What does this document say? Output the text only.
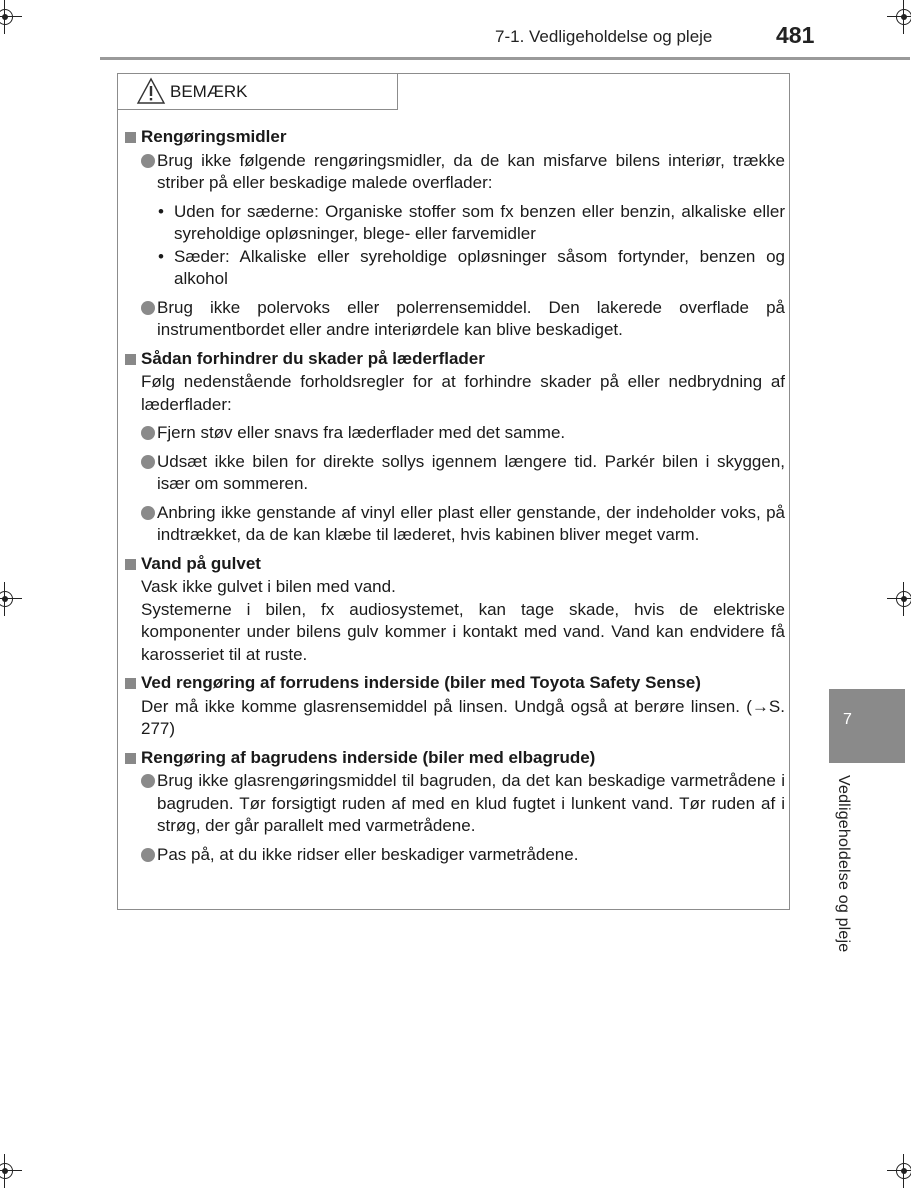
7-1. Vedligeholdelse og pleje	481
BEMÆRK
Rengøringsmidler
Brug ikke følgende rengøringsmidler, da de kan misfarve bilens interiør, trække striber på eller beskadige malede overflader:
• Uden for sæderne: Organiske stoffer som fx benzen eller benzin, alkaliske eller syreholdige opløsninger, blege- eller farvemidler
• Sæder: Alkaliske eller syreholdige opløsninger såsom fortynder, benzen og alkohol
Brug ikke polervoks eller polerrensemiddel. Den lakerede overflade på instrumentbordet eller andre interiørdele kan blive beskadiget.
Sådan forhindrer du skader på læderflader
Følg nedenstående forholdsregler for at forhindre skader på eller nedbrydning af læderflader:
Fjern støv eller snavs fra læderflader med det samme.
Udsæt ikke bilen for direkte sollys igennem længere tid. Parkér bilen i skyggen, især om sommeren.
Anbring ikke genstande af vinyl eller plast eller genstande, der indeholder voks, på indtrækket, da de kan klæbe til læderet, hvis kabinen bliver meget varm.
Vand på gulvet
Vask ikke gulvet i bilen med vand.
Systemerne i bilen, fx audiosystemet, kan tage skade, hvis de elektriske komponenter under bilens gulv kommer i kontakt med vand. Vand kan endvidere få karosseriet til at ruste.
Ved rengøring af forrudens inderside (biler med Toyota Safety Sense)
Der må ikke komme glasrensemiddel på linsen. Undgå også at berøre linsen. (→S. 277)
Rengøring af bagrudens inderside (biler med elbagrude)
Brug ikke glasrengøringsmiddel til bagruden, da det kan beskadige varmetrådene i bagruden. Tør forsigtigt ruden af med en klud fugtet i lunkent vand. Tør ruden af i strøg, der går parallelt med varmetrådene.
Pas på, at du ikke ridser eller beskadiger varmetrådene.
7
Vedligeholdelse og pleje
